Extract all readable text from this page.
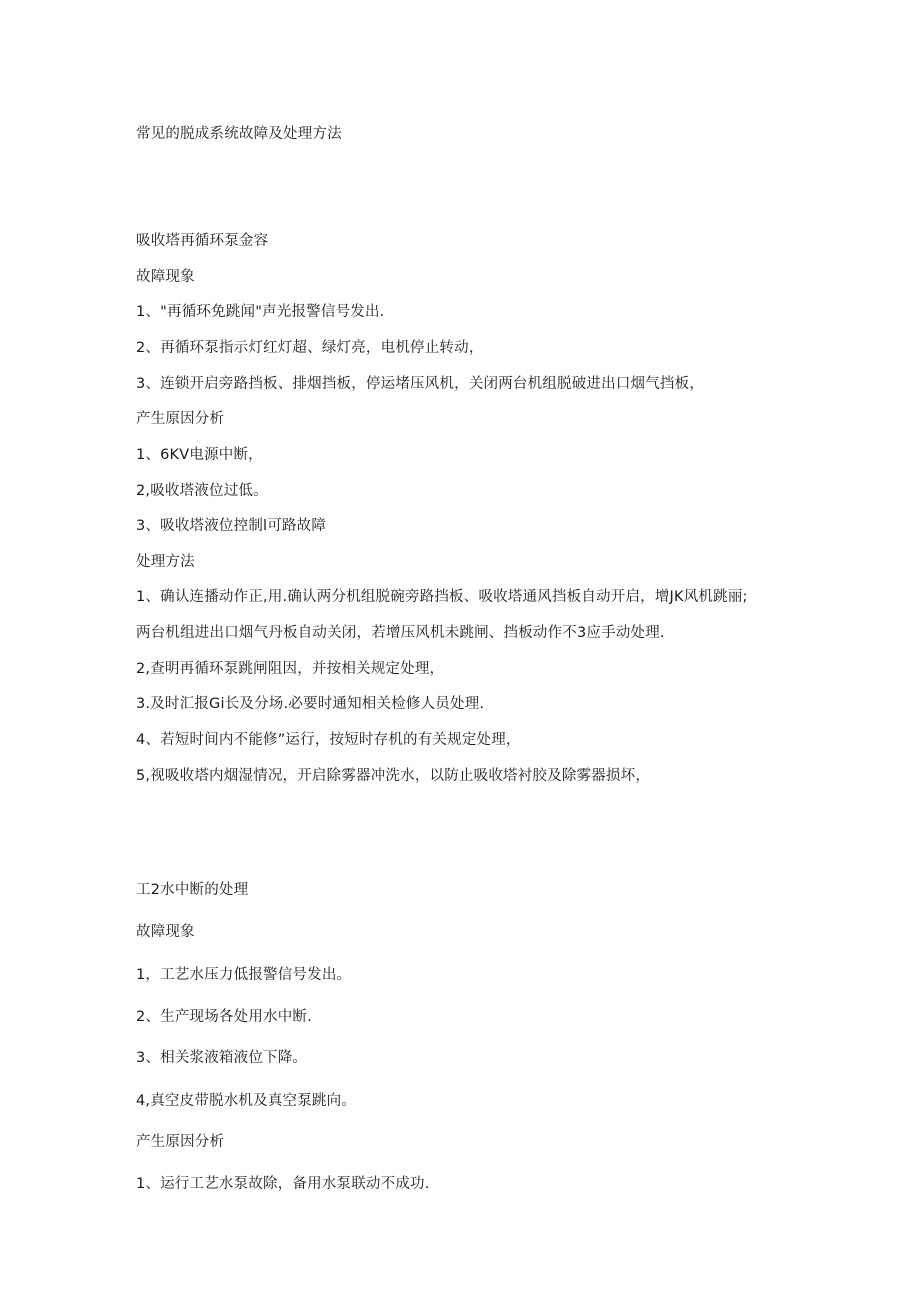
常见的脱成系统故障及处理方法
吸收塔再循环泵金容
故障现象
1、"再循环免跳闻"声光报警信号发出.
2、再循环泵指示灯红灯超、绿灯亮，电机停止转动，
3、连锁开启旁路挡板、排烟挡板，停运堵压风机，关闭两台机组脱破进出口烟气挡板，
产生原因分析
1、6KV电源中断，
2,吸收塔液位过低。
3、吸收塔液位控制l可路故障
处理方法
1、确认连播动作正,用.确认两分机组脱碗旁路挡板、吸收塔通风挡板自动开启，增JK风机跳丽;
两台机组进出口烟气丹板自动关闭，若增压风机未跳闸、挡板动作不3应手动处理.
2,查明再循环泵跳闸阻因，并按相关规定处理，
3.及时汇报Gi长及分场.必要时通知相关检修人员处理.
4、若短时间内不能修”运行，按短时存机的有关规定处理，
5,视吸收塔内烟湿情况，开启除雾器冲洗水，以防止吸收塔衬胶及除雾器损坏，
工2水中断的处理
故障现象
1，工艺水压力低报警信号发出。
2、生产现场各处用水中断.
3、相关浆液箱液位下降。
4,真空皮带脱水机及真空泵跳向。
产生原因分析
1、运行工艺水泵故除，备用水泵联动不成功.
